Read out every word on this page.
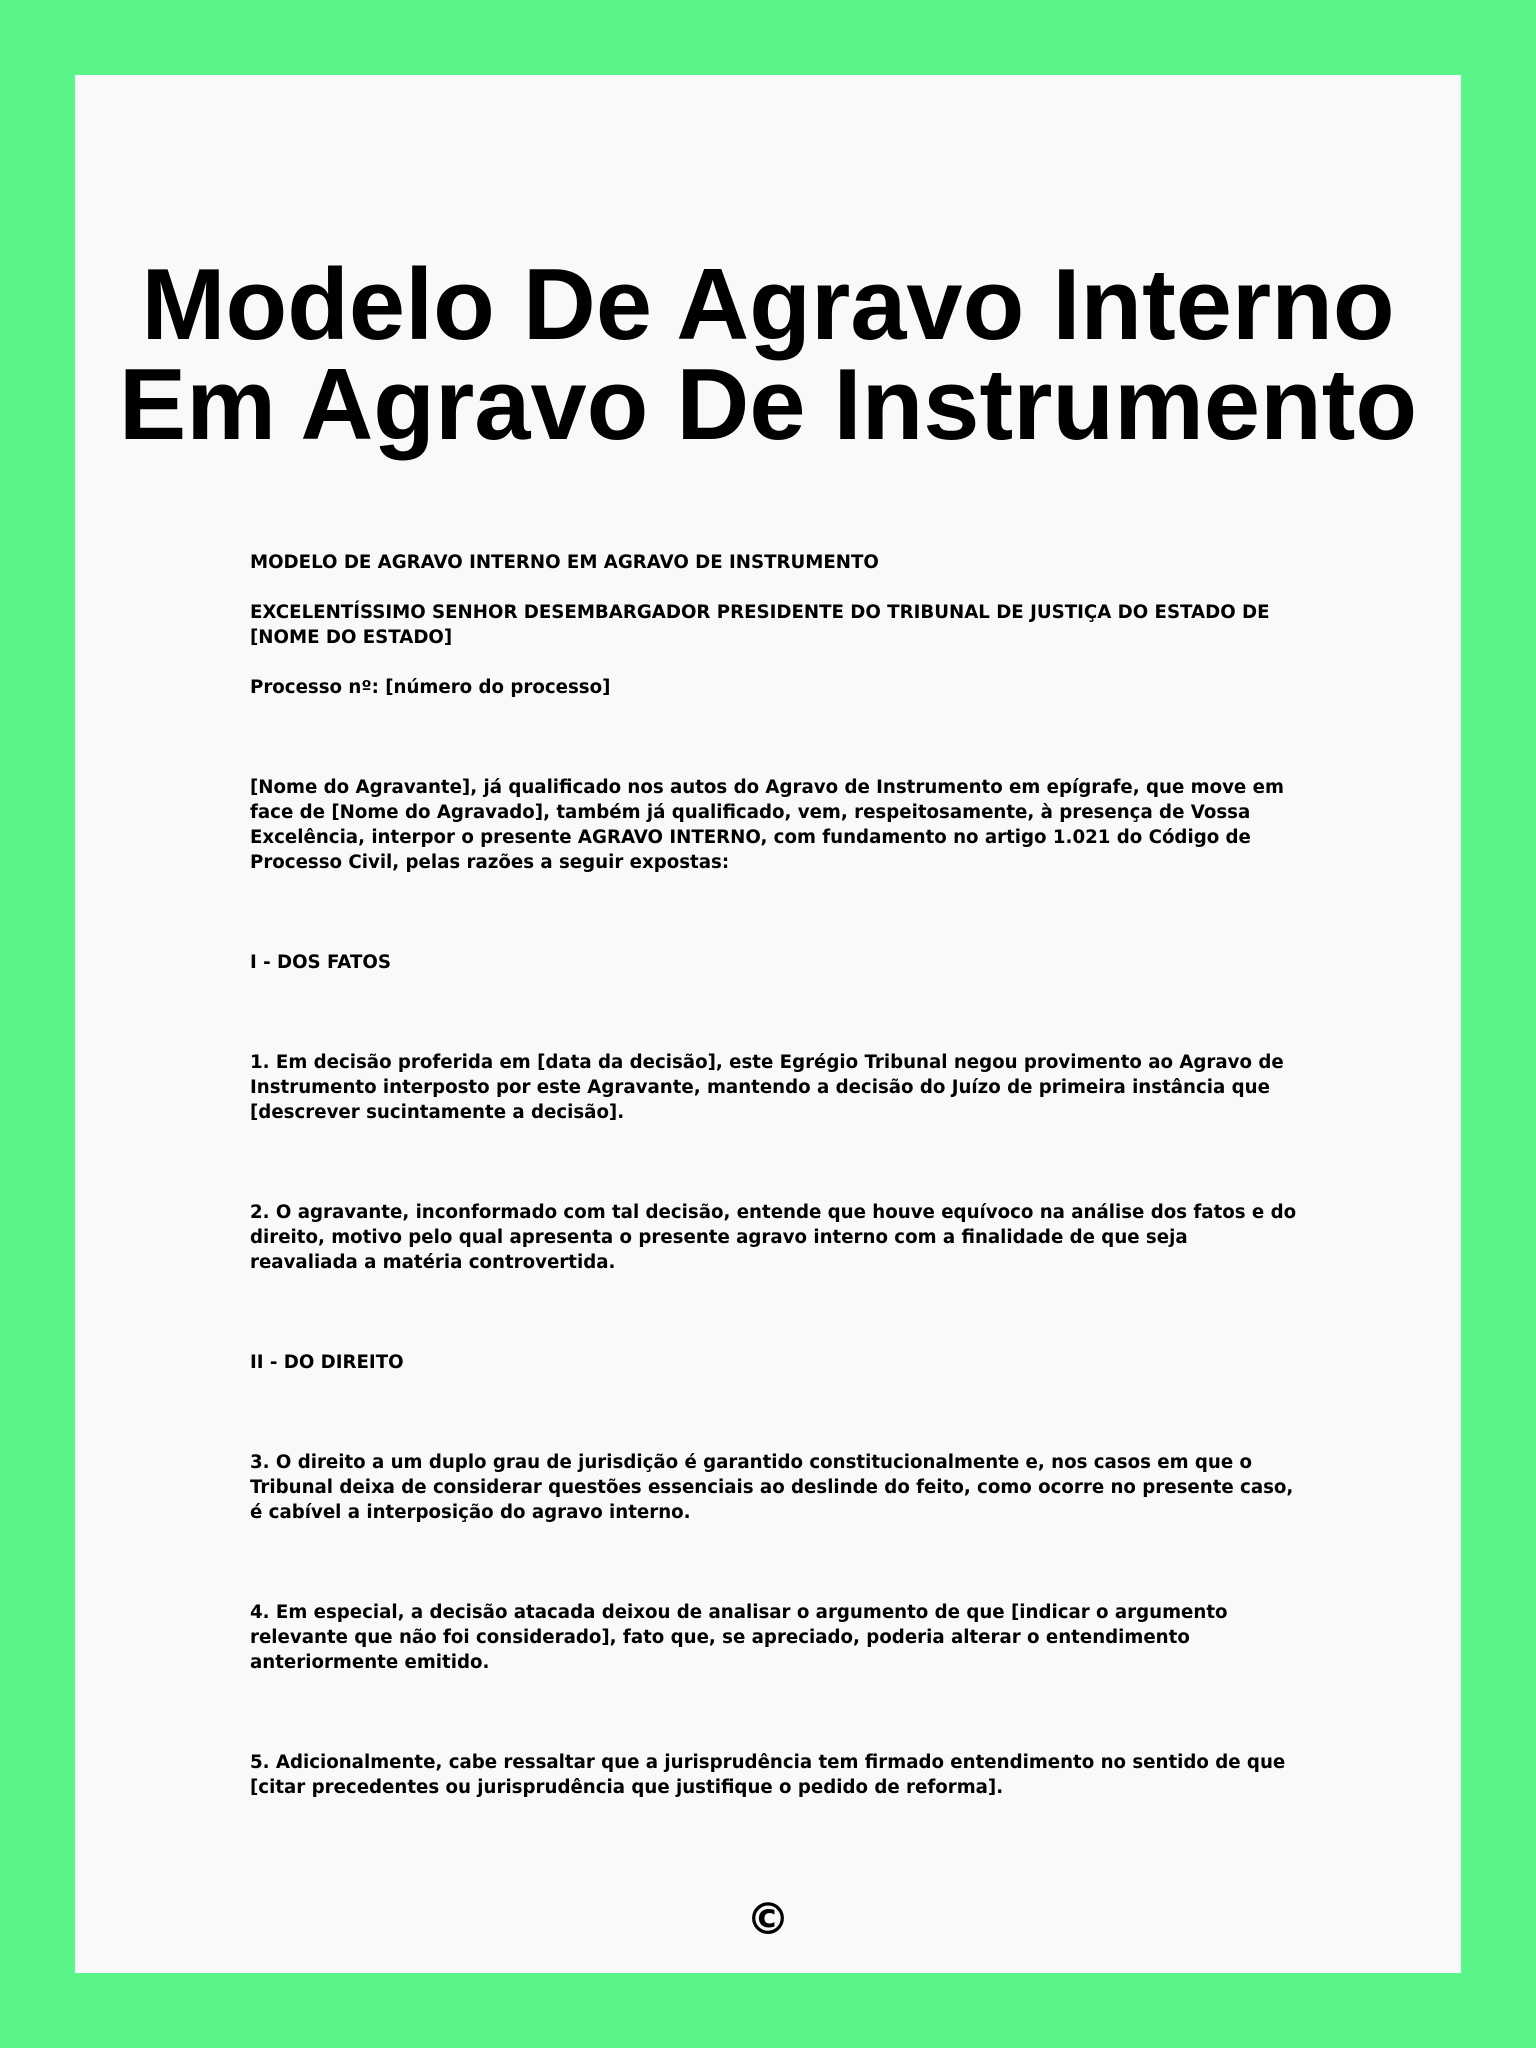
Modelo De Agravo Interno
Em Agravo De Instrumento

MODELO DE AGRAVO INTERNO EM AGRAVO DE INSTRUMENTO

EXCELENTÍSSIMO SENHOR DESEMBARGADOR PRESIDENTE DO TRIBUNAL DE JUSTIÇA DO ESTADO DE [NOME DO ESTADO]

Processo nº: [número do processo]

[Nome do Agravante], já qualificado nos autos do Agravo de Instrumento em epígrafe, que move em face de [Nome do Agravado], também já qualificado, vem, respeitosamente, à presença de Vossa Excelência, interpor o presente AGRAVO INTERNO, com fundamento no artigo 1.021 do Código de Processo Civil, pelas razões a seguir expostas:

I - DOS FATOS

1. Em decisão proferida em [data da decisão], este Egrégio Tribunal negou provimento ao Agravo de Instrumento interposto por este Agravante, mantendo a decisão do Juízo de primeira instância que [descrever sucintamente a decisão].

2. O agravante, inconformado com tal decisão, entende que houve equívoco na análise dos fatos e do direito, motivo pelo qual apresenta o presente agravo interno com a finalidade de que seja reavaliada a matéria controvertida.

II - DO DIREITO

3. O direito a um duplo grau de jurisdição é garantido constitucionalmente e, nos casos em que o Tribunal deixa de considerar questões essenciais ao deslinde do feito, como ocorre no presente caso, é cabível a interposição do agravo interno.

4. Em especial, a decisão atacada deixou de analisar o argumento de que [indicar o argumento relevante que não foi considerado], fato que, se apreciado, poderia alterar o entendimento anteriormente emitido.

5. Adicionalmente, cabe ressaltar que a jurisprudência tem firmado entendimento no sentido de que [citar precedentes ou jurisprudência que justifique o pedido de reforma].

©
